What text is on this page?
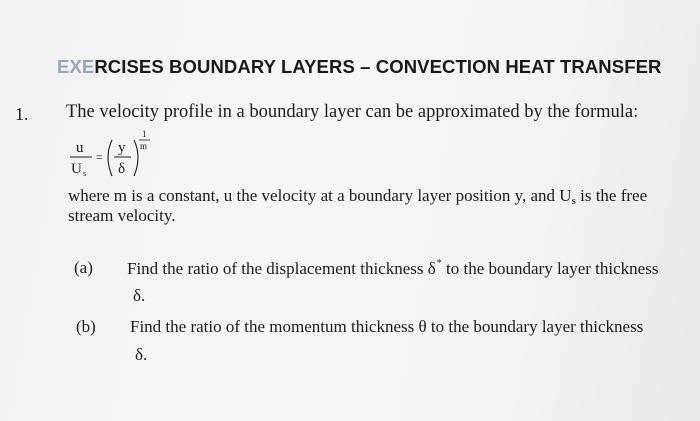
EXERCISES BOUNDARY LAYERS – CONVECTION HEAT TRANSFER
1. The velocity profile in a boundary layer can be approximated by the formula:
u
U s
=
y
δ
1
m
where m is a constant, u the velocity at a boundary layer position y, and $U_s$ is the free
stream velocity.
(a) Find the ratio of the displacement thickness δ* to the boundary layer thickness
δ.
(b) Find the ratio of the momentum thickness θ to the boundary layer thickness
δ.
